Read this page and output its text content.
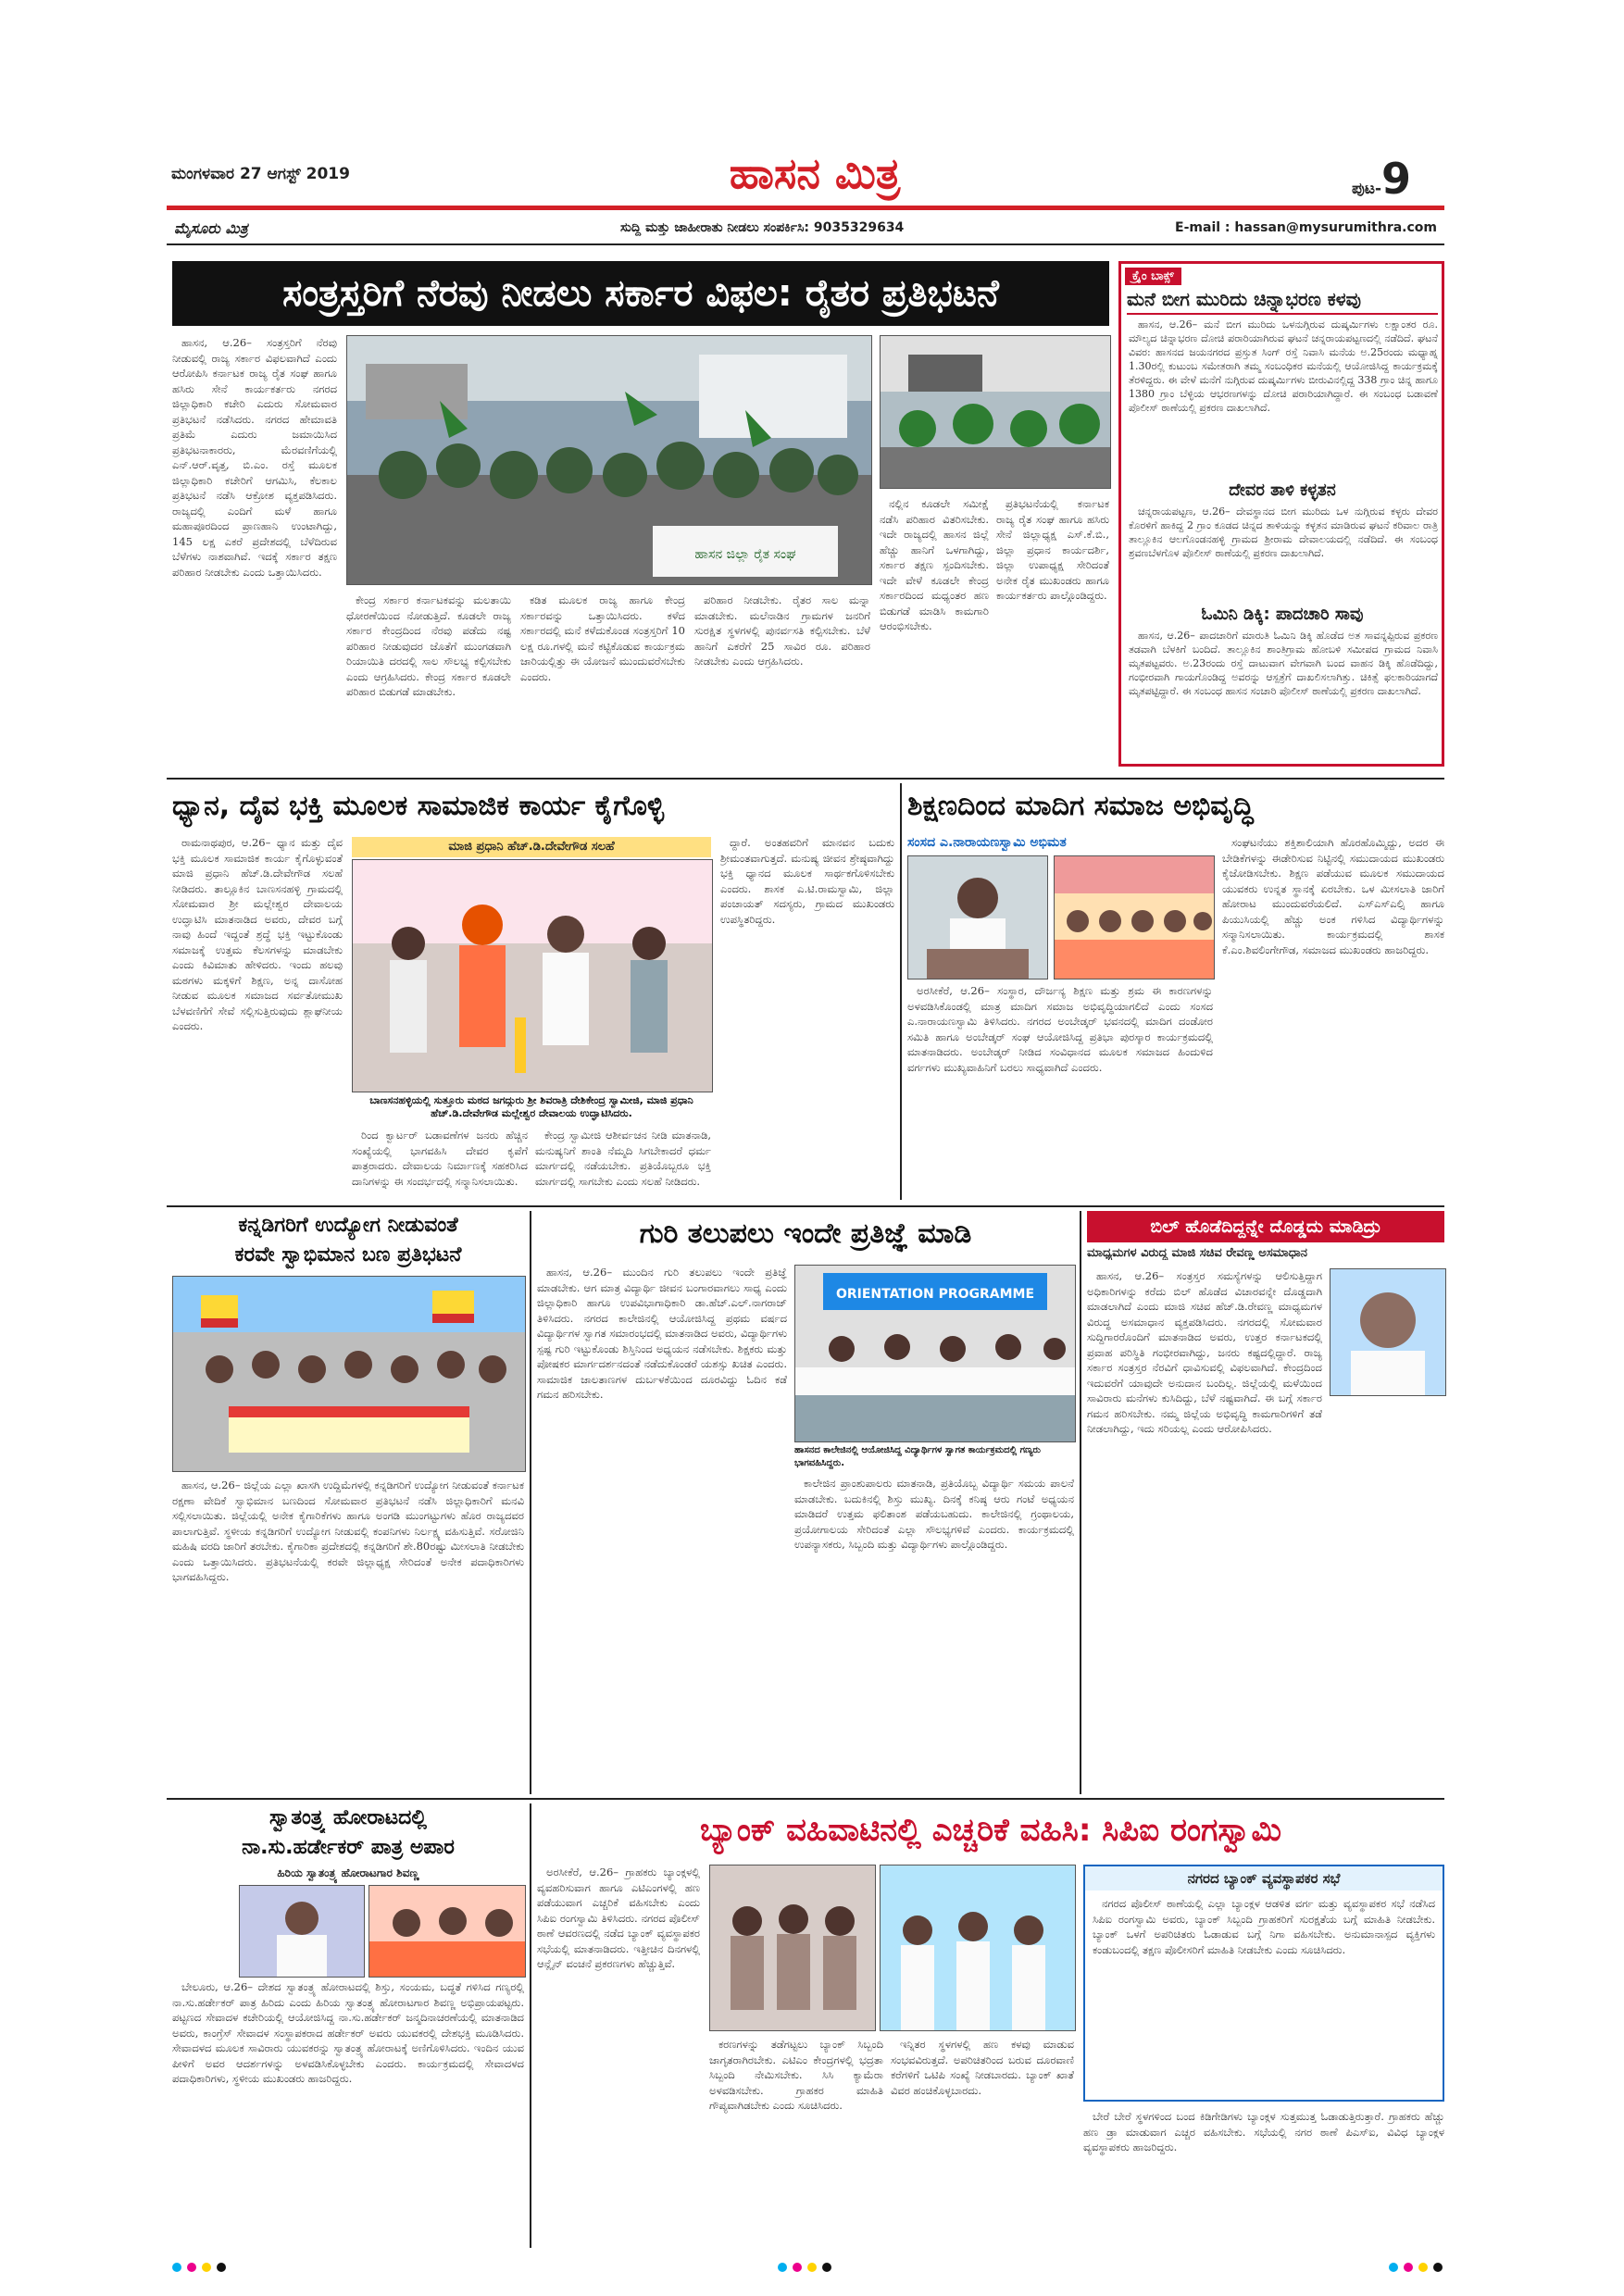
ಮಂಗಳವಾರ 27 ಆಗಸ್ಟ್ 2019	ಹಾಸನ ಮಿತ್ರ	ಪುಟ-9
ಮೈಸೂರು ಮಿತ್ರ	ಸುದ್ದಿ ಮತ್ತು ಜಾಹೀರಾತು ನೀಡಲು ಸಂಪರ್ಕಿಸಿ: 9035329634	E-mail : hassan@mysurumithra.com
ಸಂತ್ರಸ್ತರಿಗೆ ನೆರವು ನೀಡಲು ಸರ್ಕಾರ ವಿಫಲ: ರೈತರ ಪ್ರತಿಭಟನೆ

ಹಾಸನ, ಆ.26– ಸಂತ್ರಸ್ತರಿಗೆ ನೆರವು ನೀಡುವಲ್ಲಿ ರಾಜ್ಯ ಸರ್ಕಾರ ವಿಫಲವಾಗಿದೆ ಎಂದು ಆರೋಪಿಸಿ ಕರ್ನಾಟಕ ರಾಜ್ಯ ರೈತ ಸಂಘ ಹಾಗೂ ಹಸಿರು ಸೇನೆ ಕಾರ್ಯಕರ್ತರು ನಗರದ ಜಿಲ್ಲಾಧಿಕಾರಿ ಕಚೇರಿ ಎದುರು ಸೋಮವಾರ ಪ್ರತಿಭಟನೆ ನಡೆಸಿದರು. ನಗರದ ಹೇಮಾವತಿ ಪ್ರತಿಮೆ ಎದುರು ಜಮಾಯಿಸಿದ ಪ್ರತಿಭಟನಾಕಾರರು, ಮೆರವಣಿಗೆಯಲ್ಲಿ ಎನ್.ಆರ್.ವೃತ್ತ, ಬಿ.ಎಂ. ರಸ್ತೆ ಮೂಲಕ ಜಿಲ್ಲಾಧಿಕಾರಿ ಕಚೇರಿಗೆ ಆಗಮಿಸಿ, ಕೆಲಕಾಲ ಪ್ರತಿಭಟನೆ ನಡೆಸಿ ಆಕ್ರೋಶ ವ್ಯಕ್ತಪಡಿಸಿದರು. ರಾಜ್ಯದಲ್ಲಿ ಎಂದಿಗೆ ಮಳೆ ಹಾಗೂ ಮಹಾಪೂರದಿಂದ ಪ್ರಾಣಹಾನಿ ಉಂಟಾಗಿದ್ದು, 145 ಲಕ್ಷ ಎಕರೆ ಪ್ರದೇಶದಲ್ಲಿ ಬೆಳೆದಿರುವ ಬೆಳೆಗಳು ನಾಶವಾಗಿವೆ. ಇದಕ್ಕೆ ಸರ್ಕಾರ ತಕ್ಷಣ ಪರಿಹಾರ ನೀಡಬೇಕು ಎಂದು ಒತ್ತಾಯಿಸಿದರು.

ಹಾಸನ ಜಿಲ್ಲಾ ರೈತ ಸಂಘ

ಕೇಂದ್ರ ಸರ್ಕಾರ ಕರ್ನಾಟಕವನ್ನು ಮಲತಾಯಿ ಧೋರಣೆಯಿಂದ ನೋಡುತ್ತಿದೆ. ಕೂಡಲೇ ರಾಜ್ಯ ಸರ್ಕಾರ ಕೇಂದ್ರದಿಂದ ನೆರವು ಪಡೆದು ನಷ್ಟ ಪರಿಹಾರ ನೀಡುವುದರ ಜೊತೆಗೆ ಮುಂಗಡವಾಗಿ ರಿಯಾಯಿತಿ ದರದಲ್ಲಿ ಸಾಲ ಸೌಲಭ್ಯ ಕಲ್ಪಿಸಬೇಕು ಎಂದು ಆಗ್ರಹಿಸಿದರು. ಕೇಂದ್ರ ಸರ್ಕಾರ ಕೂಡಲೇ ಪರಿಹಾರ ಬಿಡುಗಡೆ ಮಾಡಬೇಕು.

ಕಡಿತ ಮೂಲಕ ರಾಜ್ಯ ಹಾಗೂ ಕೇಂದ್ರ ಸರ್ಕಾರವನ್ನು ಒತ್ತಾಯಿಸಿದರು. ಕಳೆದ ಸರ್ಕಾರದಲ್ಲಿ ಮನೆ ಕಳೆದುಕೊಂಡ ಸಂತ್ರಸ್ತರಿಗೆ 10 ಲಕ್ಷ ರೂ.ಗಳಲ್ಲಿ ಮನೆ ಕಟ್ಟಿಕೊಡುವ ಕಾರ್ಯಕ್ರಮ ಜಾರಿಯಲ್ಲಿತ್ತು ಈ ಯೋಜನೆ ಮುಂದುವರೆಸಬೇಕು ಎಂದರು.

ಪರಿಹಾರ ನೀಡಬೇಕು. ರೈತರ ಸಾಲ ಮನ್ನಾ ಮಾಡಬೇಕು. ಮಲೆನಾಡಿನ ಗ್ರಾಮಗಳ ಜನರಿಗೆ ಸುರಕ್ಷಿತ ಸ್ಥಳಗಳಲ್ಲಿ ಪುನರ್ವಸತಿ ಕಲ್ಪಿಸಬೇಕು. ಬೆಳೆ ಹಾನಿಗೆ ಎಕರೆಗೆ 25 ಸಾವಿರ ರೂ. ಪರಿಹಾರ ನೀಡಬೇಕು ಎಂದು ಆಗ್ರಹಿಸಿದರು.

ನಲ್ಲಿನ ಕೂಡಲೇ ಸಮೀಕ್ಷೆ ನಡೆಸಿ ಪರಿಹಾರ ವಿತರಿಸಬೇಕು. ಇದೇ ರಾಜ್ಯದಲ್ಲಿ ಹಾಸನ ಜಿಲ್ಲೆ ಹೆಚ್ಚು ಹಾನಿಗೆ ಒಳಗಾಗಿದ್ದು, ಸರ್ಕಾರ ತಕ್ಷಣ ಸ್ಪಂದಿಸಬೇಕು. ಇದೇ ವೇಳೆ ಕೂಡಲೇ ಕೇಂದ್ರ ಸರ್ಕಾರದಿಂದ ಮಧ್ಯಂತರ ಹಣ ಬಿಡುಗಡೆ ಮಾಡಿಸಿ ಕಾಮಗಾರಿ ಆರಂಭಿಸಬೇಕು.

ಪ್ರತಿಭಟನೆಯಲ್ಲಿ ಕರ್ನಾಟಕ ರಾಜ್ಯ ರೈತ ಸಂಘ ಹಾಗೂ ಹಸಿರು ಸೇನೆ ಜಿಲ್ಲಾಧ್ಯಕ್ಷ ಎಸ್.ಕೆ.ಬಿ., ಜಿಲ್ಲಾ ಪ್ರಧಾನ ಕಾರ್ಯದರ್ಶಿ, ಜಿಲ್ಲಾ ಉಪಾಧ್ಯಕ್ಷ ಸೇರಿದಂತೆ ಅನೇಕ ರೈತ ಮುಖಂಡರು ಹಾಗೂ ಕಾರ್ಯಕರ್ತರು ಪಾಲ್ಗೊಂಡಿದ್ದರು.

ಕ್ರೈಂ ಬಾಕ್ಸ್
ಮನೆ ಬೀಗ ಮುರಿದು ಚಿನ್ನಾಭರಣ ಕಳವು

ಹಾಸನ, ಆ.26– ಮನೆ ಬೀಗ ಮುರಿದು ಒಳನುಗ್ಗಿರುವ ದುಷ್ಕರ್ಮಿಗಳು ಲಕ್ಷಾಂತರ ರೂ. ಮೌಲ್ಯದ ಚಿನ್ನಾಭರಣ ದೋಚಿ ಪರಾರಿಯಾಗಿರುವ ಘಟನೆ ಚನ್ನರಾಯಪಟ್ಟಣದಲ್ಲಿ ನಡೆದಿದೆ. ಘಟನೆ ವಿವರ: ಹಾಸನದ ಜಯನಗರದ ಪ್ರಸ್ತುತ ಸಿಂಗ್ ರಸ್ತೆ ನಿವಾಸಿ ಮನೆಯ ಅ.25ರಂದು ಮಧ್ಯಾಹ್ನ 1.30ರಲ್ಲಿ ಕುಟುಂಬ ಸಮೇತರಾಗಿ ತಮ್ಮ ಸಂಬಂಧಿಕರ ಮನೆಯಲ್ಲಿ ಆಯೋಜಿಸಿದ್ದ ಕಾರ್ಯಕ್ರಮಕ್ಕೆ ತೆರಳಿದ್ದರು. ಈ ವೇಳೆ ಮನೆಗೆ ನುಗ್ಗಿರುವ ದುಷ್ಕರ್ಮಿಗಳು ಬೀರುವಿನಲ್ಲಿದ್ದ 338 ಗ್ರಾಂ ಚಿನ್ನ ಹಾಗೂ 1380 ಗ್ರಾಂ ಬೆಳ್ಳಿಯ ಆಭರಣಗಳನ್ನು ದೋಚಿ ಪರಾರಿಯಾಗಿದ್ದಾರೆ. ಈ ಸಂಬಂಧ ಬಡಾವಣೆ ಪೊಲೀಸ್ ಠಾಣೆಯಲ್ಲಿ ಪ್ರಕರಣ ದಾಖಲಾಗಿದೆ.

ದೇವರ ತಾಳಿ ಕಳ್ಳತನ

ಚನ್ನರಾಯಪಟ್ಟಣ, ಆ.26– ದೇವಸ್ಥಾನದ ಬೀಗ ಮುರಿದು ಒಳ ನುಗ್ಗಿರುವ ಕಳ್ಳರು ದೇವರ ಕೊರಳಿಗೆ ಹಾಕಿದ್ದ 2 ಗ್ರಾಂ ಕೂಡದ ಚಿನ್ನದ ತಾಳಿಯನ್ನು ಕಳ್ಳತನ ಮಾಡಿರುವ ಘಟನೆ ಕರಿವಾಲ ರಾತ್ರಿ ತಾಲ್ಲೂಕಿನ ಆಲಗೊಂಡನಹಳ್ಳಿ ಗ್ರಾಮದ ಶ್ರೀರಾಮ ದೇವಾಲಯದಲ್ಲಿ ನಡೆದಿದೆ. ಈ ಸಂಬಂಧ ಶ್ರವಣಬೆಳಗೊಳ ಪೊಲೀಸ್ ಠಾಣೆಯಲ್ಲಿ ಪ್ರಕರಣ ದಾಖಲಾಗಿದೆ.

ಓಮಿನಿ ಡಿಕ್ಕಿ: ಪಾದಚಾರಿ ಸಾವು

ಹಾಸನ, ಆ.26– ಪಾದಚಾರಿಗೆ ಮಾರುತಿ ಓಮಿನಿ ಡಿಕ್ಕಿ ಹೊಡೆದ ಅತ ಸಾವನ್ನಪ್ಪಿರುವ ಪ್ರಕರಣ ತಡವಾಗಿ ಬೆಳಕಿಗೆ ಬಂದಿದೆ. ತಾಲ್ಲೂಕಿನ ಶಾಂತಿಗ್ರಾಮ ಹೋಬಳಿ ಸಮೀಪದ ಗ್ರಾಮದ ನಿವಾಸಿ ಮೃತಪಟ್ಟವರು. ಅ.23ರಂದು ರಸ್ತೆ ದಾಟುವಾಗ ವೇಗವಾಗಿ ಬಂದ ವಾಹನ ಡಿಕ್ಕಿ ಹೊಡೆದಿದ್ದು, ಗಂಭೀರವಾಗಿ ಗಾಯಗೊಂಡಿದ್ದ ಅವರನ್ನು ಆಸ್ಪತ್ರೆಗೆ ದಾಖಲಿಸಲಾಗಿತ್ತು. ಚಿಕಿತ್ಸೆ ಫಲಕಾರಿಯಾಗದೆ ಮೃತಪಟ್ಟಿದ್ದಾರೆ. ಈ ಸಂಬಂಧ ಹಾಸನ ಸಂಚಾರಿ ಪೊಲೀಸ್ ಠಾಣೆಯಲ್ಲಿ ಪ್ರಕರಣ ದಾಖಲಾಗಿದೆ.

ಧ್ಯಾನ, ದೈವ ಭಕ್ತಿ ಮೂಲಕ ಸಾಮಾಜಿಕ ಕಾರ್ಯ ಕೈಗೊಳ್ಳಿ

ರಾಮನಾಥಪುರ, ಆ.26– ಧ್ಯಾನ ಮತ್ತು ದೈವ ಭಕ್ತಿ ಮೂಲಕ ಸಾಮಾಜಿಕ ಕಾರ್ಯ ಕೈಗೊಳ್ಳುವಂತೆ ಮಾಜಿ ಪ್ರಧಾನಿ ಹೆಚ್.ಡಿ.ದೇವೇಗೌಡ ಸಲಹೆ ನೀಡಿದರು. ತಾಲ್ಲೂಕಿನ ಬಾಣಸನಹಳ್ಳಿ ಗ್ರಾಮದಲ್ಲಿ ಸೋಮವಾರ ಶ್ರೀ ಮಲ್ಲೇಶ್ವರ ದೇವಾಲಯ ಉದ್ಘಾಟಿಸಿ ಮಾತನಾಡಿದ ಅವರು, ದೇವರ ಬಗ್ಗೆ ನಾವು ಹಿಂದೆ ಇದ್ದಂತೆ ಶ್ರದ್ಧೆ ಭಕ್ತಿ ಇಟ್ಟುಕೊಂಡು ಸಮಾಜಕ್ಕೆ ಉತ್ತಮ ಕೆಲಸಗಳನ್ನು ಮಾಡಬೇಕು ಎಂದು ಕಿವಿಮಾತು ಹೇಳಿದರು. ಇಂದು ಹಲವು ಮಠಗಳು ಮಕ್ಕಳಿಗೆ ಶಿಕ್ಷಣ, ಅನ್ನ ದಾಸೋಹ ನೀಡುವ ಮೂಲಕ ಸಮಾಜದ ಸರ್ವತೋಮುಖ ಬೆಳವಣಿಗೆಗೆ ಸೇವೆ ಸಲ್ಲಿಸುತ್ತಿರುವುದು ಶ್ಲಾಘನೀಯ ಎಂದರು.

ಮಾಜಿ ಪ್ರಧಾನಿ ಹೆಚ್.ಡಿ.ದೇವೇಗೌಡ ಸಲಹೆ
ಬಾಣಸನಹಳ್ಳಿಯಲ್ಲಿ ಸುತ್ತೂರು ಮಠದ ಜಗದ್ಗುರು ಶ್ರೀ ಶಿವರಾತ್ರಿ ದೇಶಿಕೇಂದ್ರ ಸ್ವಾಮೀಜಿ, ಮಾಜಿ ಪ್ರಧಾನಿ ಹೆಚ್.ಡಿ.ದೇವೇಗೌಡ ಮಲ್ಲೇಶ್ವರ ದೇವಾಲಯ ಉದ್ಘಾಟಿಸಿದರು.

ರಿಂದ ಕ್ವಾರ್ಟರ್ ಬಡಾವಣೆಗಳ ಜನರು ಹೆಚ್ಚಿನ ಸಂಖ್ಯೆಯಲ್ಲಿ ಭಾಗವಹಿಸಿ ದೇವರ ಕೃಪೆಗೆ ಪಾತ್ರರಾದರು. ದೇವಾಲಯ ನಿರ್ಮಾಣಕ್ಕೆ ಸಹಕರಿಸಿದ ದಾನಿಗಳನ್ನು ಈ ಸಂದರ್ಭದಲ್ಲಿ ಸನ್ಮಾನಿಸಲಾಯಿತು.

ಕೇಂದ್ರ ಸ್ವಾಮೀಜಿ ಆಶೀರ್ವಚನ ನೀಡಿ ಮಾತನಾಡಿ, ಮನುಷ್ಯನಿಗೆ ಶಾಂತಿ ನೆಮ್ಮದಿ ಸಿಗಬೇಕಾದರೆ ಧರ್ಮ ಮಾರ್ಗದಲ್ಲಿ ನಡೆಯಬೇಕು. ಪ್ರತಿಯೊಬ್ಬರೂ ಭಕ್ತಿ ಮಾರ್ಗದಲ್ಲಿ ಸಾಗಬೇಕು ಎಂದು ಸಲಹೆ ನೀಡಿದರು.

ದ್ದಾರೆ. ಅಂತಹವರಿಗೆ ಮಾನವನ ಬದುಕು ಶ್ರೀಮಂತವಾಗುತ್ತದೆ. ಮನುಷ್ಯ ಜೀವನ ಶ್ರೇಷ್ಠವಾಗಿದ್ದು ಭಕ್ತಿ ಧ್ಯಾನದ ಮೂಲಕ ಸಾರ್ಥಕಗೊಳಿಸಬೇಕು ಎಂದರು. ಶಾಸಕ ಎ.ಟಿ.ರಾಮಸ್ವಾಮಿ, ಜಿಲ್ಲಾ ಪಂಚಾಯತ್ ಸದಸ್ಯರು, ಗ್ರಾಮದ ಮುಖಂಡರು ಉಪಸ್ಥಿತರಿದ್ದರು.

ಶಿಕ್ಷಣದಿಂದ ಮಾದಿಗ ಸಮಾಜ ಅಭಿವೃದ್ಧಿ
ಸಂಸದ ಎ.ನಾರಾಯಣಸ್ವಾಮಿ ಅಭಿಮತ

ಅರಸೀಕೆರೆ, ಆ.26– ಸಂಸ್ಥಾರ, ದೌರ್ಜನ್ಯ ಶಿಕ್ಷಣ ಮತ್ತು ಶ್ರಮ ಈ ಕಾರಣಗಳನ್ನು ಅಳವಡಿಸಿಕೊಂಡಲ್ಲಿ ಮಾತ್ರ ಮಾದಿಗ ಸಮಾಜ ಅಭಿವೃದ್ಧಿಯಾಗಲಿದೆ ಎಂದು ಸಂಸದ ಎ.ನಾರಾಯಣಸ್ವಾಮಿ ತಿಳಿಸಿದರು. ನಗರದ ಅಂಬೇಡ್ಕರ್ ಭವನದಲ್ಲಿ ಮಾದಿಗ ದಂಡೋರ ಸಮಿತಿ ಹಾಗೂ ಅಂಬೇಡ್ಕರ್ ಸಂಘ ಆಯೋಜಿಸಿದ್ದ ಪ್ರತಿಭಾ ಪುರಸ್ಕಾರ ಕಾರ್ಯಕ್ರಮದಲ್ಲಿ ಮಾತನಾಡಿದರು. ಅಂಬೇಡ್ಕರ್ ನೀಡಿದ ಸಂವಿಧಾನದ ಮೂಲಕ ಸಮಾಜದ ಹಿಂದುಳಿದ ವರ್ಗಗಳು ಮುಖ್ಯವಾಹಿನಿಗೆ ಬರಲು ಸಾಧ್ಯವಾಗಿದೆ ಎಂದರು.

ಸಂಘಟನೆಯು ಶಕ್ತಿಶಾಲಿಯಾಗಿ ಹೊರಹೊಮ್ಮಿದ್ದು, ಅದರ ಈ ಬೇಡಿಕೆಗಳನ್ನು ಈಡೇರಿಸುವ ನಿಟ್ಟಿನಲ್ಲಿ ಸಮುದಾಯದ ಮುಖಂಡರು ಕೈಜೋಡಿಸಬೇಕು. ಶಿಕ್ಷಣ ಪಡೆಯುವ ಮೂಲಕ ಸಮುದಾಯದ ಯುವಕರು ಉನ್ನತ ಸ್ಥಾನಕ್ಕೆ ಏರಬೇಕು. ಒಳ ಮೀಸಲಾತಿ ಜಾರಿಗೆ ಹೋರಾಟ ಮುಂದುವರೆಯಲಿದೆ. ಎಸ್ಎಸ್ಎಲ್ಸಿ ಹಾಗೂ ಪಿಯುಸಿಯಲ್ಲಿ ಹೆಚ್ಚು ಅಂಕ ಗಳಿಸಿದ ವಿದ್ಯಾರ್ಥಿಗಳನ್ನು ಸನ್ಮಾನಿಸಲಾಯಿತು. ಕಾರ್ಯಕ್ರಮದಲ್ಲಿ ಶಾಸಕ ಕೆ.ಎಂ.ಶಿವಲಿಂಗೇಗೌಡ, ಸಮಾಜದ ಮುಖಂಡರು ಹಾಜರಿದ್ದರು.

ಕನ್ನಡಿಗರಿಗೆ ಉದ್ಯೋಗ ನೀಡುವಂತೆ
ಕರವೇ ಸ್ವಾಭಿಮಾನ ಬಣ ಪ್ರತಿಭಟನೆ

ಹಾಸನ, ಆ.26– ಜಿಲ್ಲೆಯ ಎಲ್ಲಾ ಖಾಸಗಿ ಉದ್ದಿಮೆಗಳಲ್ಲಿ ಕನ್ನಡಿಗರಿಗೆ ಉದ್ಯೋಗ ನೀಡುವಂತೆ ಕರ್ನಾಟಕ ರಕ್ಷಣಾ ವೇದಿಕೆ ಸ್ವಾಭಿಮಾನ ಬಣದಿಂದ ಸೋಮವಾರ ಪ್ರತಿಭಟನೆ ನಡೆಸಿ ಜಿಲ್ಲಾಧಿಕಾರಿಗೆ ಮನವಿ ಸಲ್ಲಿಸಲಾಯಿತು. ಜಿಲ್ಲೆಯಲ್ಲಿ ಅನೇಕ ಕೈಗಾರಿಕೆಗಳು ಹಾಗೂ ಅಂಗಡಿ ಮುಂಗಟ್ಟುಗಳು ಹೊರ ರಾಜ್ಯದವರ ಪಾಲಾಗುತ್ತಿವೆ. ಸ್ಥಳೀಯ ಕನ್ನಡಿಗರಿಗೆ ಉದ್ಯೋಗ ನೀಡುವಲ್ಲಿ ಕಂಪನಿಗಳು ನಿರ್ಲಕ್ಷ್ಯ ವಹಿಸುತ್ತಿವೆ. ಸರೋಜಿನಿ ಮಹಿಷಿ ವರದಿ ಜಾರಿಗೆ ತರಬೇಕು. ಕೈಗಾರಿಕಾ ಪ್ರದೇಶದಲ್ಲಿ ಕನ್ನಡಿಗರಿಗೆ ಶೇ.80ರಷ್ಟು ಮೀಸಲಾತಿ ನೀಡಬೇಕು ಎಂದು ಒತ್ತಾಯಿಸಿದರು. ಪ್ರತಿಭಟನೆಯಲ್ಲಿ ಕರವೇ ಜಿಲ್ಲಾಧ್ಯಕ್ಷ ಸೇರಿದಂತೆ ಅನೇಕ ಪದಾಧಿಕಾರಿಗಳು ಭಾಗವಹಿಸಿದ್ದರು.

ಗುರಿ ತಲುಪಲು ಇಂದೇ ಪ್ರತಿಜ್ಞೆ ಮಾಡಿ

ಹಾಸನ, ಆ.26– ಮುಂದಿನ ಗುರಿ ತಲುಪಲು ಇಂದೇ ಪ್ರತಿಜ್ಞೆ ಮಾಡಬೇಕು. ಆಗ ಮಾತ್ರ ವಿದ್ಯಾರ್ಥಿ ಜೀವನ ಬಂಗಾರವಾಗಲು ಸಾಧ್ಯ ಎಂದು ಜಿಲ್ಲಾಧಿಕಾರಿ ಹಾಗೂ ಉಪವಿಭಾಗಾಧಿಕಾರಿ ಡಾ.ಹೆಚ್.ಎಲ್.ನಾಗರಾಜ್ ತಿಳಿಸಿದರು. ನಗರದ ಕಾಲೇಜಿನಲ್ಲಿ ಆಯೋಜಿಸಿದ್ದ ಪ್ರಥಮ ವರ್ಷದ ವಿದ್ಯಾರ್ಥಿಗಳ ಸ್ವಾಗತ ಸಮಾರಂಭದಲ್ಲಿ ಮಾತನಾಡಿದ ಅವರು, ವಿದ್ಯಾರ್ಥಿಗಳು ಸ್ಪಷ್ಟ ಗುರಿ ಇಟ್ಟುಕೊಂಡು ಶಿಸ್ತಿನಿಂದ ಅಧ್ಯಯನ ನಡೆಸಬೇಕು. ಶಿಕ್ಷಕರು ಮತ್ತು ಪೋಷಕರ ಮಾರ್ಗದರ್ಶನದಂತೆ ನಡೆದುಕೊಂಡರೆ ಯಶಸ್ಸು ಖಚಿತ ಎಂದರು. ಸಾಮಾಜಿಕ ಜಾಲತಾಣಗಳ ದುರ್ಬಳಕೆಯಿಂದ ದೂರವಿದ್ದು ಓದಿನ ಕಡೆ ಗಮನ ಹರಿಸಬೇಕು.

ORIENTATION PROGRAMME
ಹಾಸನದ ಕಾಲೇಜಿನಲ್ಲಿ ಆಯೋಜಿಸಿದ್ದ ವಿದ್ಯಾರ್ಥಿಗಳ ಸ್ವಾಗತ ಕಾರ್ಯಕ್ರಮದಲ್ಲಿ ಗಣ್ಯರು ಭಾಗವಹಿಸಿದ್ದರು.

ಕಾಲೇಜಿನ ಪ್ರಾಂಶುಪಾಲರು ಮಾತನಾಡಿ, ಪ್ರತಿಯೊಬ್ಬ ವಿದ್ಯಾರ್ಥಿ ಸಮಯ ಪಾಲನೆ ಮಾಡಬೇಕು. ಬದುಕಿನಲ್ಲಿ ಶಿಸ್ತು ಮುಖ್ಯ. ದಿನಕ್ಕೆ ಕನಿಷ್ಠ ಆರು ಗಂಟೆ ಅಧ್ಯಯನ ಮಾಡಿದರೆ ಉತ್ತಮ ಫಲಿತಾಂಶ ಪಡೆಯಬಹುದು. ಕಾಲೇಜಿನಲ್ಲಿ ಗ್ರಂಥಾಲಯ, ಪ್ರಯೋಗಾಲಯ ಸೇರಿದಂತೆ ಎಲ್ಲಾ ಸೌಲಭ್ಯಗಳಿವೆ ಎಂದರು. ಕಾರ್ಯಕ್ರಮದಲ್ಲಿ ಉಪನ್ಯಾಸಕರು, ಸಿಬ್ಬಂದಿ ಮತ್ತು ವಿದ್ಯಾರ್ಥಿಗಳು ಪಾಲ್ಗೊಂಡಿದ್ದರು.

ಬಿಲ್ ಹೊಡೆದಿದ್ದನ್ನೇ ದೊಡ್ಡದು ಮಾಡಿದ್ರು
ಮಾಧ್ಯಮಗಳ ವಿರುದ್ಧ ಮಾಜಿ ಸಚಿವ ರೇವಣ್ಣ ಅಸಮಾಧಾನ

ಹಾಸನ, ಆ.26– ಸಂತ್ರಸ್ತರ ಸಮಸ್ಯೆಗಳನ್ನು ಆಲಿಸುತ್ತಿದ್ದಾಗ ಅಧಿಕಾರಿಗಳನ್ನು ಕರೆದು ಬಿಲ್ ಹೊಡೆದ ವಿಚಾರವನ್ನೇ ದೊಡ್ಡದಾಗಿ ಮಾಡಲಾಗಿದೆ ಎಂದು ಮಾಜಿ ಸಚಿವ ಹೆಚ್.ಡಿ.ರೇವಣ್ಣ ಮಾಧ್ಯಮಗಳ ವಿರುದ್ಧ ಅಸಮಾಧಾನ ವ್ಯಕ್ತಪಡಿಸಿದರು. ನಗರದಲ್ಲಿ ಸೋಮವಾರ ಸುದ್ದಿಗಾರರೊಂದಿಗೆ ಮಾತನಾಡಿದ ಅವರು, ಉತ್ತರ ಕರ್ನಾಟಕದಲ್ಲಿ ಪ್ರವಾಹ ಪರಿಸ್ಥಿತಿ ಗಂಭೀರವಾಗಿದ್ದು, ಜನರು ಕಷ್ಟದಲ್ಲಿದ್ದಾರೆ. ರಾಜ್ಯ ಸರ್ಕಾರ ಸಂತ್ರಸ್ತರ ನೆರವಿಗೆ ಧಾವಿಸುವಲ್ಲಿ ವಿಫಲವಾಗಿದೆ. ಕೇಂದ್ರದಿಂದ ಇದುವರೆಗೆ ಯಾವುದೇ ಅನುದಾನ ಬಂದಿಲ್ಲ. ಜಿಲ್ಲೆಯಲ್ಲಿ ಮಳೆಯಿಂದ ಸಾವಿರಾರು ಮನೆಗಳು ಕುಸಿದಿದ್ದು, ಬೆಳೆ ನಷ್ಟವಾಗಿದೆ. ಈ ಬಗ್ಗೆ ಸರ್ಕಾರ ಗಮನ ಹರಿಸಬೇಕು. ನಮ್ಮ ಜಿಲ್ಲೆಯ ಅಭಿವೃದ್ಧಿ ಕಾಮಗಾರಿಗಳಿಗೆ ತಡೆ ನೀಡಲಾಗಿದ್ದು, ಇದು ಸರಿಯಲ್ಲ ಎಂದು ಆರೋಪಿಸಿದರು.

ಸ್ವಾತಂತ್ರ್ಯ ಹೋರಾಟದಲ್ಲಿ
ನಾ.ಸು.ಹರ್ಡೇಕರ್ ಪಾತ್ರ ಅಪಾರ
ಹಿರಿಯ ಸ್ವಾತಂತ್ರ್ಯ ಹೋರಾಟಗಾರ ಶಿವಣ್ಣ

ಬೇಲೂರು, ಆ.26– ದೇಶದ ಸ್ವಾತಂತ್ರ್ಯ ಹೋರಾಟದಲ್ಲಿ ಶಿಸ್ತು, ಸಂಯಮ, ಬದ್ಧತೆ ಗಳಿಸಿದ ಗಣ್ಯರಲ್ಲಿ ನಾ.ಸು.ಹರ್ಡೇಕರ್ ಪಾತ್ರ ಹಿರಿದು ಎಂದು ಹಿರಿಯ ಸ್ವಾತಂತ್ರ್ಯ ಹೋರಾಟಗಾರ ಶಿವಣ್ಣ ಅಭಿಪ್ರಾಯಪಟ್ಟರು. ಪಟ್ಟಣದ ಸೇವಾದಳ ಕಚೇರಿಯಲ್ಲಿ ಆಯೋಜಿಸಿದ್ದ ನಾ.ಸು.ಹರ್ಡೇಕರ್ ಜನ್ಮದಿನಾಚರಣೆಯಲ್ಲಿ ಮಾತನಾಡಿದ ಅವರು, ಕಾಂಗ್ರೆಸ್ ಸೇವಾದಳ ಸಂಸ್ಥಾಪಕರಾದ ಹರ್ಡೇಕರ್ ಅವರು ಯುವಕರಲ್ಲಿ ದೇಶಭಕ್ತಿ ಮೂಡಿಸಿದರು. ಸೇವಾದಳದ ಮೂಲಕ ಸಾವಿರಾರು ಯುವಕರನ್ನು ಸ್ವಾತಂತ್ರ್ಯ ಹೋರಾಟಕ್ಕೆ ಅಣಿಗೊಳಿಸಿದರು. ಇಂದಿನ ಯುವ ಪೀಳಿಗೆ ಅವರ ಆದರ್ಶಗಳನ್ನು ಅಳವಡಿಸಿಕೊಳ್ಳಬೇಕು ಎಂದರು. ಕಾರ್ಯಕ್ರಮದಲ್ಲಿ ಸೇವಾದಳದ ಪದಾಧಿಕಾರಿಗಳು, ಸ್ಥಳೀಯ ಮುಖಂಡರು ಹಾಜರಿದ್ದರು.

ಬ್ಯಾಂಕ್ ವಹಿವಾಟಿನಲ್ಲಿ ಎಚ್ಚರಿಕೆ ವಹಿಸಿ: ಸಿಪಿಐ ರಂಗಸ್ವಾಮಿ

ಅರಸೀಕೆರೆ, ಆ.26– ಗ್ರಾಹಕರು ಬ್ಯಾಂಕ್ಗಳಲ್ಲಿ ವ್ಯವಹರಿಸುವಾಗ ಹಾಗೂ ಎಟಿಎಂಗಳಲ್ಲಿ ಹಣ ಪಡೆಯುವಾಗ ಎಚ್ಚರಿಕೆ ವಹಿಸಬೇಕು ಎಂದು ಸಿಪಿಐ ರಂಗಸ್ವಾಮಿ ತಿಳಿಸಿದರು. ನಗರದ ಪೊಲೀಸ್ ಠಾಣೆ ಆವರಣದಲ್ಲಿ ನಡೆದ ಬ್ಯಾಂಕ್ ವ್ಯವಸ್ಥಾಪಕರ ಸಭೆಯಲ್ಲಿ ಮಾತನಾಡಿದರು. ಇತ್ತೀಚಿನ ದಿನಗಳಲ್ಲಿ ಆನ್ಲೈನ್ ವಂಚನೆ ಪ್ರಕರಣಗಳು ಹೆಚ್ಚುತ್ತಿವೆ.

ಕರಣಗಳನ್ನು ತಡೆಗಟ್ಟಲು ಬ್ಯಾಂಕ್ ಸಿಬ್ಬಂದಿ ಜಾಗೃತರಾಗಿರಬೇಕು. ಎಟಿಎಂ ಕೇಂದ್ರಗಳಲ್ಲಿ ಭದ್ರತಾ ಸಿಬ್ಬಂದಿ ನೇಮಿಸಬೇಕು. ಸಿಸಿ ಕ್ಯಾಮೆರಾ ಅಳವಡಿಸಬೇಕು. ಗ್ರಾಹಕರ ಮಾಹಿತಿ ಗೌಪ್ಯವಾಗಿಡಬೇಕು ಎಂದು ಸೂಚಿಸಿದರು.

ಇನ್ನಿತರ ಸ್ಥಳಗಳಲ್ಲಿ ಹಣ ಕಳವು ಮಾಡುವ ಸಂಭವವಿರುತ್ತದೆ. ಅಪರಿಚಿತರಿಂದ ಬರುವ ದೂರವಾಣಿ ಕರೆಗಳಿಗೆ ಒಟಿಪಿ ಸಂಖ್ಯೆ ನೀಡಬಾರದು. ಬ್ಯಾಂಕ್ ಖಾತೆ ವಿವರ ಹಂಚಿಕೊಳ್ಳಬಾರದು.

ನಗರದ ಬ್ಯಾಂಕ್ ವ್ಯವಸ್ಥಾಪಕರ ಸಭೆ

ನಗರದ ಪೊಲೀಸ್ ಠಾಣೆಯಲ್ಲಿ ಎಲ್ಲಾ ಬ್ಯಾಂಕ್ಗಳ ಆಡಳಿತ ವರ್ಗ ಮತ್ತು ವ್ಯವಸ್ಥಾಪಕರ ಸಭೆ ನಡೆಸಿದ ಸಿಪಿಐ ರಂಗಸ್ವಾಮಿ ಅವರು, ಬ್ಯಾಂಕ್ ಸಿಬ್ಬಂದಿ ಗ್ರಾಹಕರಿಗೆ ಸುರಕ್ಷತೆಯ ಬಗ್ಗೆ ಮಾಹಿತಿ ನೀಡಬೇಕು. ಬ್ಯಾಂಕ್ ಒಳಗೆ ಅಪರಿಚಿತರು ಓಡಾಡುವ ಬಗ್ಗೆ ನಿಗಾ ವಹಿಸಬೇಕು. ಅನುಮಾನಾಸ್ಪದ ವ್ಯಕ್ತಿಗಳು ಕಂಡುಬಂದಲ್ಲಿ ತಕ್ಷಣ ಪೊಲೀಸರಿಗೆ ಮಾಹಿತಿ ನೀಡಬೇಕು ಎಂದು ಸೂಚಿಸಿದರು.

ಬೇರೆ ಬೇರೆ ಸ್ಥಳಗಳಿಂದ ಬಂದ ಕಿಡಿಗೇಡಿಗಳು ಬ್ಯಾಂಕ್ಗಳ ಸುತ್ತಮುತ್ತ ಓಡಾಡುತ್ತಿರುತ್ತಾರೆ. ಗ್ರಾಹಕರು ಹೆಚ್ಚು ಹಣ ಡ್ರಾ ಮಾಡುವಾಗ ಎಚ್ಚರ ವಹಿಸಬೇಕು. ಸಭೆಯಲ್ಲಿ ನಗರ ಠಾಣೆ ಪಿಎಸ್ಐ, ವಿವಿಧ ಬ್ಯಾಂಕ್ಗಳ ವ್ಯವಸ್ಥಾಪಕರು ಹಾಜರಿದ್ದರು.
